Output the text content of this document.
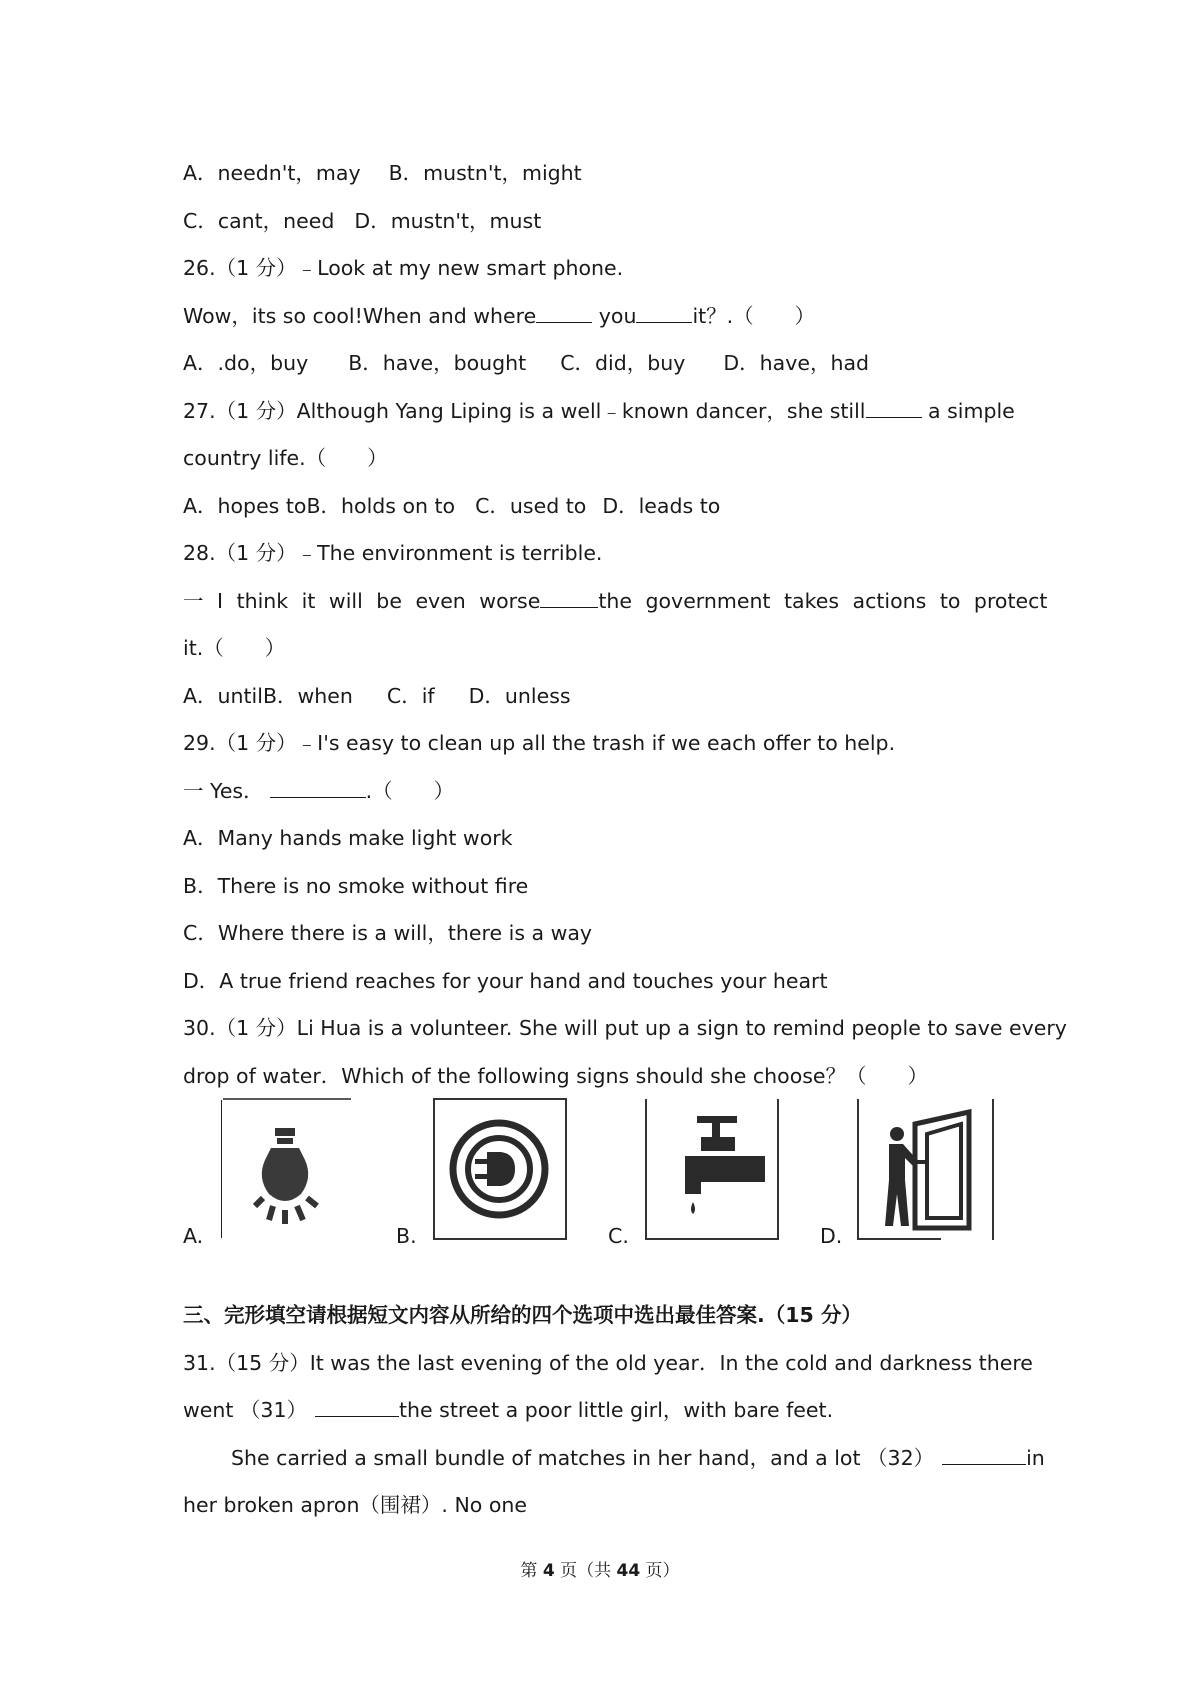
A．needn't，may B．mustn't，might
C．cant，need D．mustn't，must
26.（1 分）﹣Look at my new smart phone.
Wow，its so cool!When and where	you	it？.（　　）
A．.do，buy B．have，bought C．did，buy D．have，had
27.（1 分）Although Yang Liping is a well﹣known dancer，she still	a simple
country life.（　　）
A．hopes toB．holds on to C．used to D．leads to
28.（1 分）﹣The environment is terrible.
一 I think it will be even worse	the government takes actions to protect
it.（　　）
A．untilB．when C．if D．unless
29.（1 分）﹣I's easy to clean up all the trash if we each offer to help.
一 Yes．	.（　　）
A．Many hands make light work
B．There is no smoke without fire
C．Where there is a will，there is a way
D．A true friend reaches for your hand and touches your heart
30.（1 分）Li Hua is a volunteer. She will put up a sign to remind people to save every
drop of water．Which of the following signs should she choose？（　　）
A.	B.	C.	D.
三、完形填空请根据短文内容从所给的四个选项中选出最佳答案.（15 分）
31.（15 分）It was the last evening of the old year．In the cold and darkness there
went （31）	the street a poor little girl，with bare feet.
She carried a small bundle of matches in her hand，and a lot （32）	in
her broken apron（围裙）. No one
第 4 页（共 44 页）
